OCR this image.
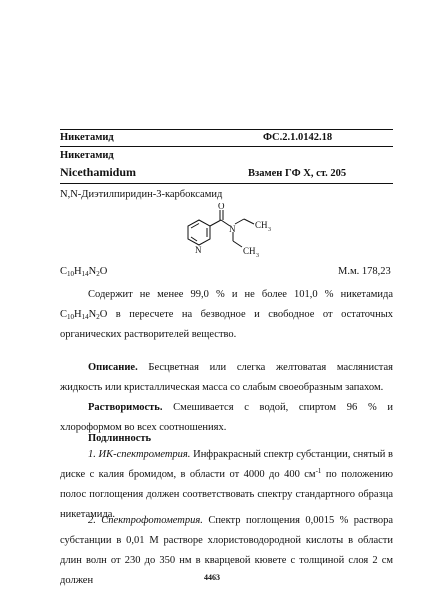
Никетамид	ФС.2.1.0142.18
Никетамид
Nicethamidum	Взамен ГФ X, ст. 205
N,N-Диэтилпиридин-3-карбоксамид
O
N
N
CH 3
CH 3
$C_{10}H_{14}N_2O$	М.м. 178,23

Содержит не менее 99,0 % и не более 101,0 % никетамида $C_{10}H_{14}N_2O$ в пересчете на безводное и свободное от остаточных органических растворителей вещество.

Описание. Бесцветная или слегка желтоватая маслянистая жидкость или кристаллическая масса со слабым своеобразным запахом.

Растворимость. Смешивается с водой, спиртом 96 % и хлороформом во всех соотношениях.

Подлинность

1. ИК-спектрометрия. Инфракрасный спектр субстанции, снятый в диске с калия бромидом, в области от 4000 до 400 $см^{-1}$ по положению полос поглощения должен соответствовать спектру стандартного образца никетамида.

2. Спектрофотометрия. Спектр поглощения 0,0015 % раствора субстанции в 0,01 М растворе хлористоводородной кислоты в области длин волн от 230 до 350 нм в кварцевой кювете с толщиной слоя 2 см должен	4463
